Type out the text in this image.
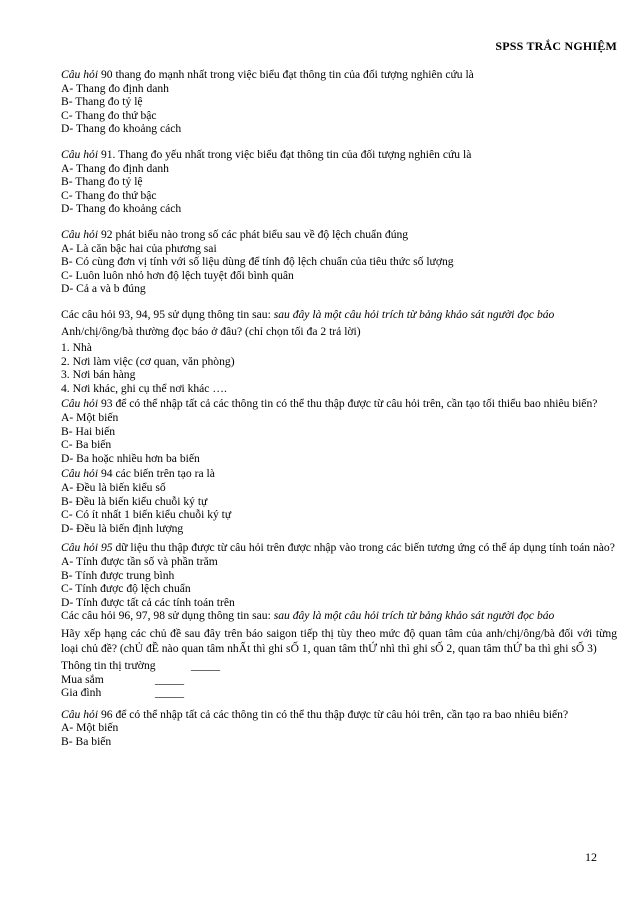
SPSS TRẮC NGHIỆM
Câu hỏi 90 thang đo mạnh nhất trong việc biểu đạt thông tin của đối tượng nghiên cứu là
A- Thang đo định danh
B- Thang đo tỷ lệ
C- Thang đo thứ bậc
D- Thang đo khoảng cách
Câu hỏi 91. Thang đo yếu nhất trong việc biểu đạt thông tin của đối tượng nghiên cứu là
A- Thang đo định danh
B- Thang đo tỷ lệ
C- Thang đo thứ bậc
D- Thang đo khoảng cách
Câu hỏi 92 phát biểu nào trong số các phát biểu sau về độ lệch chuẩn đúng
A- Là căn bậc hai của phương sai
B- Có cùng đơn vị tính với số liệu dùng để tính độ lệch chuẩn của tiêu thức số lượng
C- Luôn luôn nhỏ hơn độ lệch tuyệt đối bình quân
D- Cả a và b đúng
Các câu hỏi 93, 94, 95 sử dụng thông tin sau: sau đây là một câu hỏi trích từ bảng khảo sát người đọc báo
Anh/chị/ông/bà thường đọc báo ở đâu? (chỉ chọn tối đa 2 trả lời)
1. Nhà
2. Nơi làm việc (cơ quan, văn phòng)
3. Nơi bán hàng
4. Nơi khác, ghi cụ thể nơi khác ….
Câu hỏi 93 để có thể nhập tất cả các thông tin có thể thu thập được từ câu hỏi trên, cần tạo tối thiểu bao nhiêu biến?
A- Một biến
B- Hai biến
C- Ba biến
D- Ba hoặc nhiều hơn ba biến
Câu hỏi 94 các biến trên tạo ra là
A- Đều là biến kiểu số
B- Đều là biến kiểu chuỗi ký tự
C- Có ít nhất 1 biến kiểu chuỗi ký tự
D- Đều là biến định lượng
Câu hỏi 95 dữ liệu thu thập được từ câu hỏi trên được nhập vào trong các biến tương ứng có thể áp dụng tính toán nào?
A- Tính được tần số và phần trăm
B- Tính được trung bình
C- Tính được độ lệch chuẩn
D- Tính được tất cả các tính toán trên
Các câu hỏi 96, 97, 98 sử dụng thông tin sau: sau đây là một câu hỏi trích từ bảng khảo sát người đọc báo
Hãy xếp hạng các chủ đề sau đây trên báo saigon tiếp thị tùy theo mức độ quan tâm của anh/chị/ông/bà đối với từng loại chủ đề? (chỦ đỀ nào quan tâm nhẤt thì ghi sỐ 1, quan tâm thỨ nhì thì ghi sỐ 2, quan tâm thỨ ba thì ghi sỐ 3)
Thông tin thị trường	_____
Mua sắm	_____
Gia đình	_____
Câu hỏi 96 để có thể nhập tất cả các thông tin có thể thu thập được từ câu hỏi trên, cần tạo ra bao nhiêu biến?
A- Một biến
B- Ba biến
12
